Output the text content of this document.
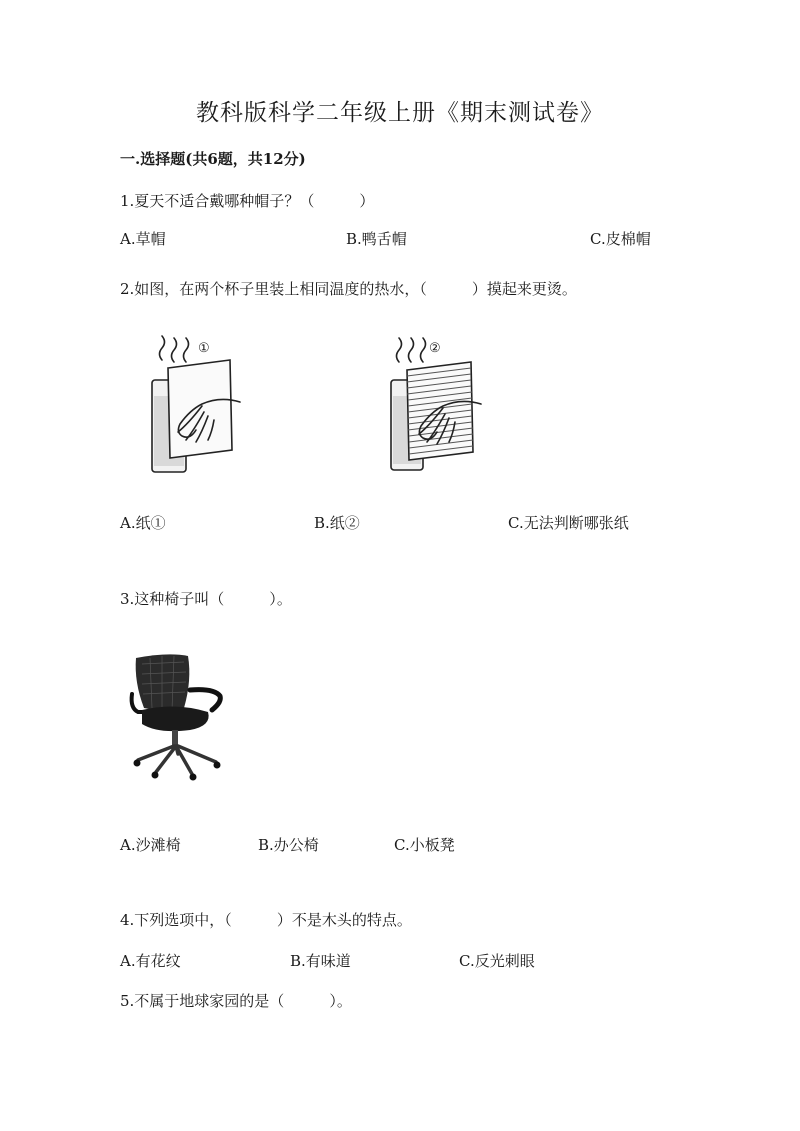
教科版科学二年级上册《期末测试卷》
一.选择题(共6题，共12分)
1.夏天不适合戴哪种帽子？（　　　）
A.草帽	B.鸭舌帽	C.皮棉帽
2.如图，在两个杯子里装上相同温度的热水，（　　　）摸起来更烫。
①	②
A.纸①	B.纸②	C.无法判断哪张纸
3.这种椅子叫（　　　）。
A.沙滩椅	B.办公椅	C.小板凳
4.下列选项中，（　　　）不是木头的特点。
A.有花纹	B.有味道	C.反光刺眼
5.不属于地球家园的是（　　　）。
